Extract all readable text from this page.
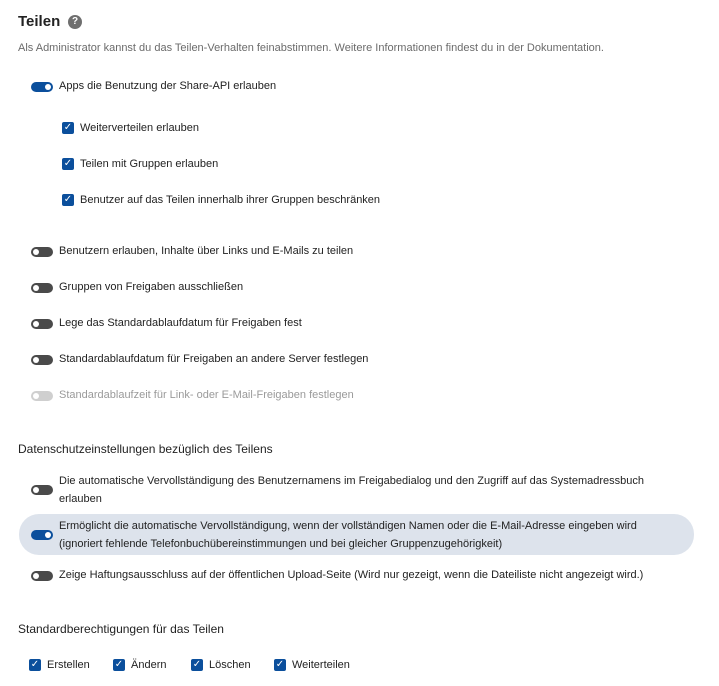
Teilen	?
Als Administrator kannst du das Teilen-Verhalten feinabstimmen. Weitere Informationen findest du in der Dokumentation.
Apps die Benutzung der Share-API erlauben
✓ Weiterverteilen erlauben
✓ Teilen mit Gruppen erlauben
✓ Benutzer auf das Teilen innerhalb ihrer Gruppen beschränken
Benutzern erlauben, Inhalte über Links und E-Mails zu teilen
Gruppen von Freigaben ausschließen
Lege das Standardablaufdatum für Freigaben fest
Standardablaufdatum für Freigaben an andere Server festlegen
Standardablaufzeit für Link- oder E-Mail-Freigaben festlegen
Datenschutzeinstellungen bezüglich des Teilens
Die automatische Vervollständigung des Benutzernamens im Freigabedialog und den Zugriff auf das Systemadressbuch erlauben
Ermöglicht die automatische Vervollständigung, wenn der vollständigen Namen oder die E-Mail-Adresse eingeben wird (ignoriert fehlende Telefonbuchübereinstimmungen und bei gleicher Gruppenzugehörigkeit)
Zeige Haftungsausschluss auf der öffentlichen Upload-Seite (Wird nur gezeigt, wenn die Dateiliste nicht angezeigt wird.)
Standardberechtigungen für das Teilen
✓ Erstellen	✓ Ändern	✓ Löschen	✓ Weiterteilen
